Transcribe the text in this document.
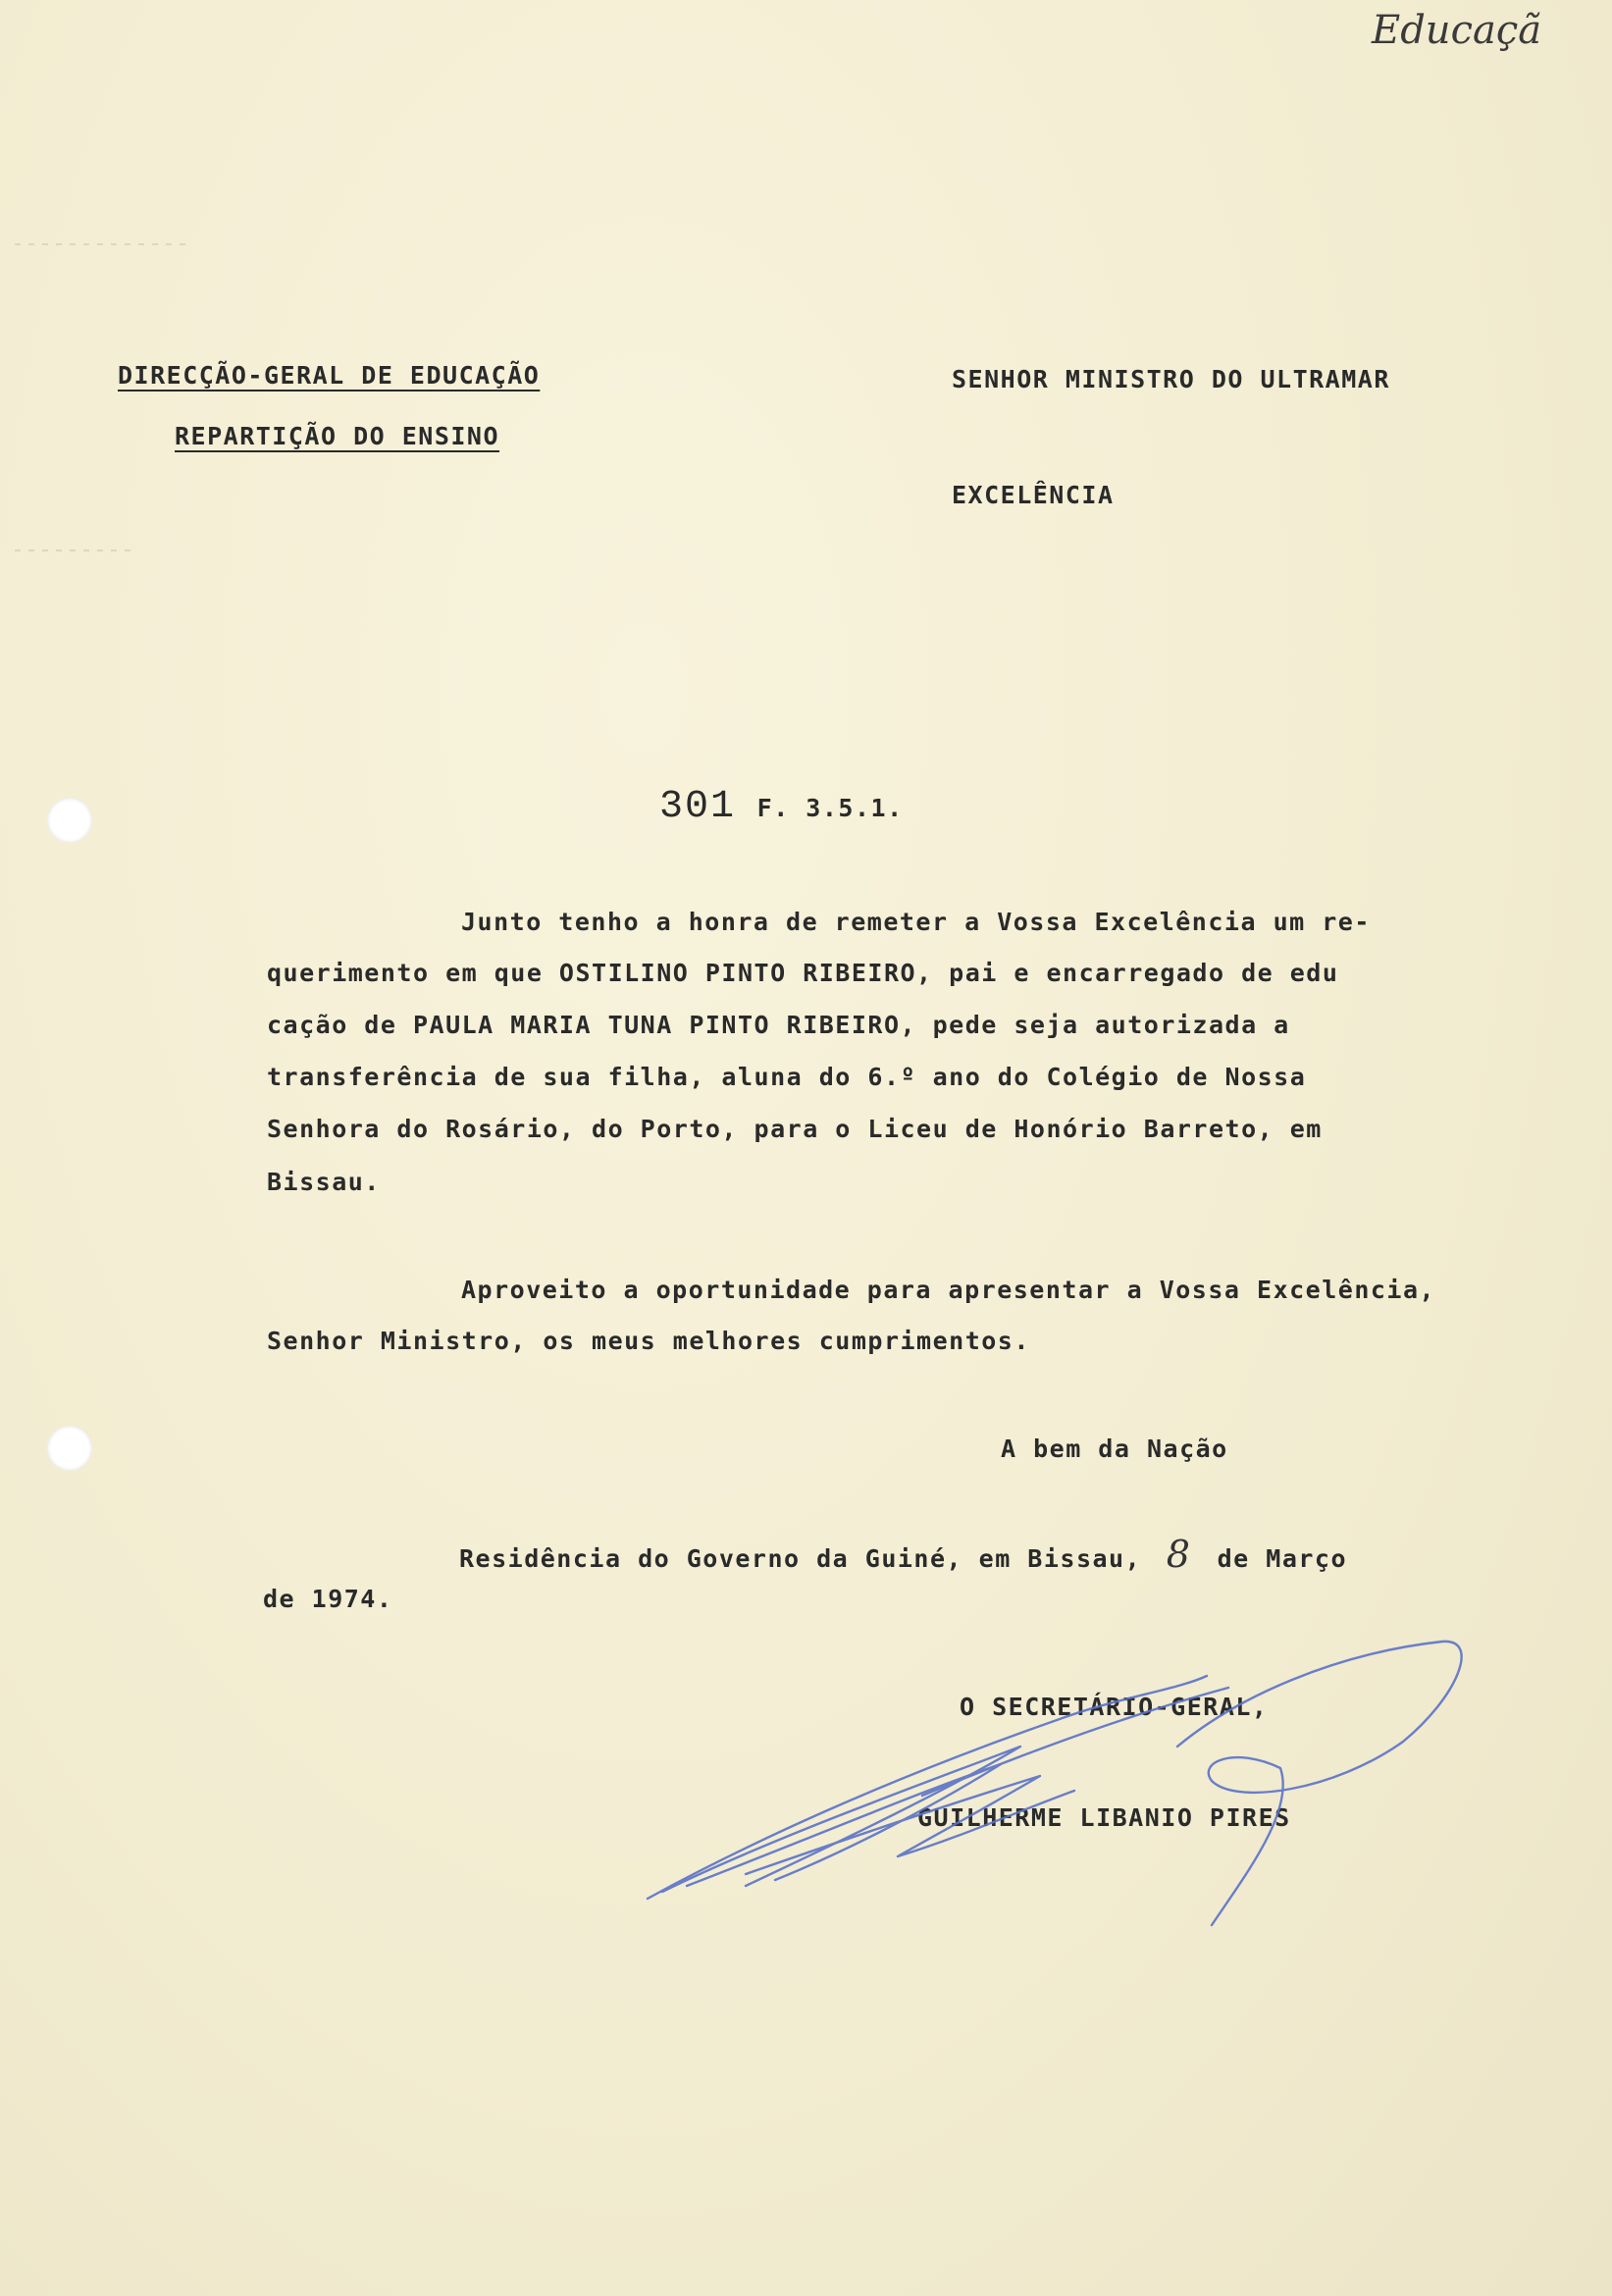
Educaçã
DIRECÇÃO-GERAL DE EDUCAÇÃO
REPARTIÇÃO DO ENSINO
SENHOR MINISTRO DO ULTRAMAR
EXCELÊNCIA
301 F. 3.5.1.
Junto tenho a honra de remeter a Vossa Excelência um re-
querimento em que OSTILINO PINTO RIBEIRO, pai e encarregado de edu
cação de PAULA MARIA TUNA PINTO RIBEIRO, pede seja autorizada a
transferência de sua filha, aluna do 6.º ano do Colégio de Nossa
Senhora do Rosário, do Porto, para o Liceu de Honório Barreto, em
Bissau.
Aproveito a oportunidade para apresentar a Vossa Excelência,
Senhor Ministro, os meus melhores cumprimentos.
A bem da Nação
Residência do Governo da Guiné, em Bissau, 8 de Março
de 1974.
O SECRETÁRIO-GERAL,
GUILHERME LIBANIO PIRES
